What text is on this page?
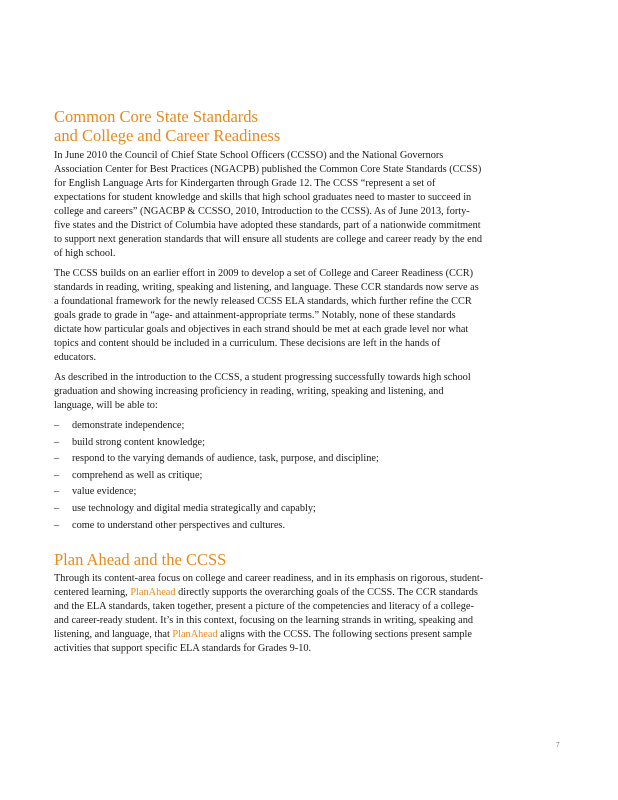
Common Core State Standards
and College and Career Readiness

In June 2010 the Council of Chief State School Officers (CCSSO) and the National Governors Association Center for Best Practices (NGACPB) published the Common Core State Standards (CCSS) for English Language Arts for Kindergarten through Grade 12. The CCSS “represent a set of expectations for student knowledge and skills that high school graduates need to master to succeed in college and careers” (NGACBP & CCSSO, 2010, Introduction to the CCSS). As of June 2013, forty-five states and the District of Columbia have adopted these standards, part of a nationwide commitment to support next generation standards that will ensure all students are college and career ready by the end of high school.

The CCSS builds on an earlier effort in 2009 to develop a set of College and Career Readiness (CCR) standards in reading, writing, speaking and listening, and language. These CCR standards now serve as a foundational framework for the newly released CCSS ELA standards, which further refine the CCR goals grade to grade in “age- and attainment-appropriate terms.” Notably, none of these standards dictate how particular goals and objectives in each strand should be met at each grade level nor what topics and content should be included in a curriculum. These decisions are left in the hands of educators.

As described in the introduction to the CCSS, a student progressing successfully towards high school graduation and showing increasing proficiency in reading, writing, speaking and listening, and language, will be able to:

–	demonstrate independence;
–	build strong content knowledge;
–	respond to the varying demands of audience, task, purpose, and discipline;
–	comprehend as well as critique;
–	value evidence;
–	use technology and digital media strategically and capably;
–	come to understand other perspectives and cultures.
Plan Ahead and the CCSS

Through its content-area focus on college and career readiness, and in its emphasis on rigorous, student-centered learning, PlanAhead directly supports the overarching goals of the CCSS. The CCR standards and the ELA standards, taken together, present a picture of the competencies and literacy of a college- and career-ready student. It’s in this context, focusing on the learning strands in writing, speaking and listening, and language, that PlanAhead aligns with the CCSS. The following sections present sample activities that support specific ELA standards for Grades 9-10.

7
